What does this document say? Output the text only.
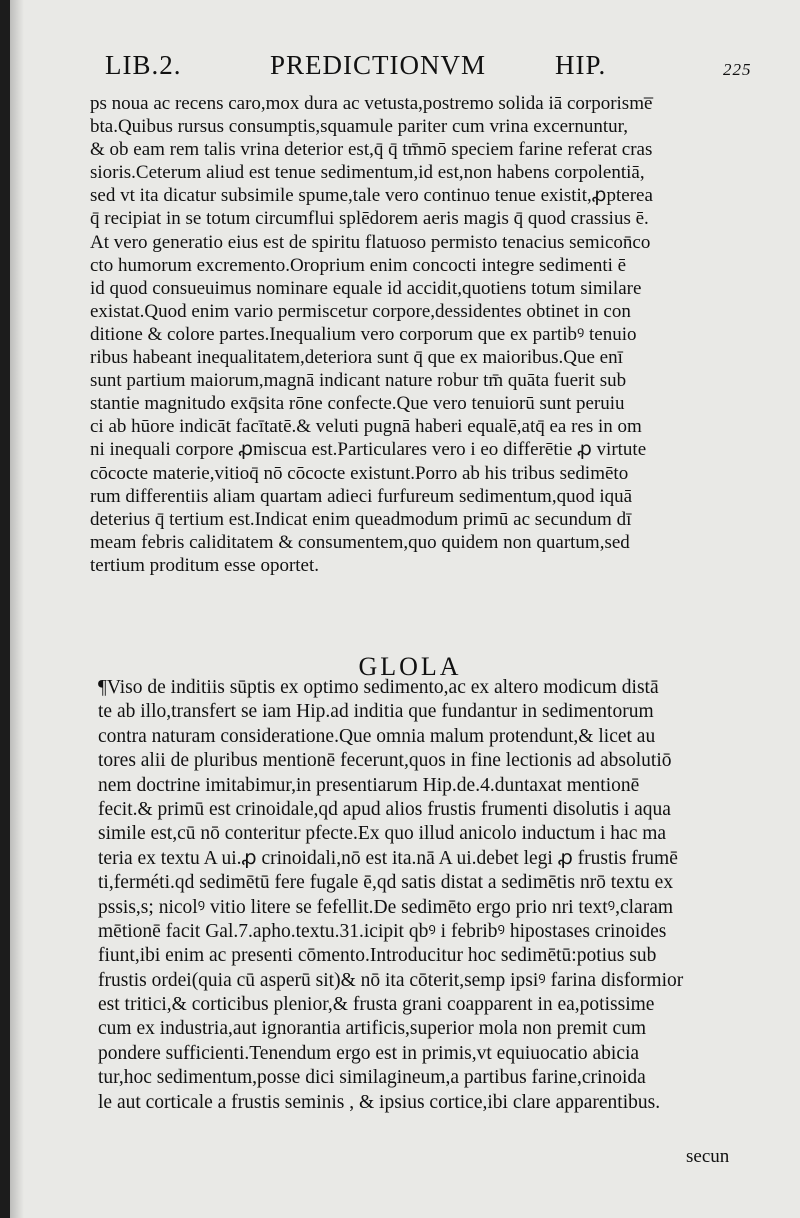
LIB.2.	PREDICTIONVM	HIP.	225
ps noua ac recens caro,mox dura ac vetusta,postremo solida iā corporisme̅
bta.Quibus rursus consumptis,squamule pariter cum vrina excernuntur,
& ob eam rem talis vrina deterior est,q̄ q̄ tm̄mō speciem farine referat cras
sioris.Ceterum aliud est tenue sedimentum,id est,non habens corpolentiā,
sed vt ita dicatur subsimile spume,tale vero continuo tenue existit,ꝓpterea
q̄ recipiat in se totum circumflui splēdorem aeris magis q̄ quod crassius ē.
At vero generatio eius est de spiritu flatuoso permisto tenacius semicon̄co
cto humorum excremento.Oroprium enim concocti integre sedimenti ē
id quod consueuimus nominare equale id accidit,quotiens totum similare
existat.Quod enim vario permiscetur corpore,dessidentes obtinet in con
ditione & colore partes.Inequalium vero corporum que ex partibꝰ tenuio
ribus habeant inequalitatem,deteriora sunt q̄ que ex maioribus.Que enī
sunt partium maiorum,magnā indicant nature robur tm̄ quāta fuerit sub
stantie magnitudo exq̄sita rōne confecte.Que vero tenuiorū sunt peruiu
ci ab hūore indicāt facītatē.& veluti pugnā haberi equalē,atq̄ ea res in om
ni inequali corpore ꝓmiscua est.Particulares vero i eo differētie ꝓ virtute
cōcocte materie,vitioq̄ nō cōcocte existunt.Porro ab his tribus sedimēto
rum differentiis aliam quartam adieci furfureum sedimentum,quod iquā
deterius q̄ tertium est.Indicat enim queadmodum primū ac secundum dī
meam febris caliditatem & consumentem,quo quidem non quartum,sed
tertium proditum esse oportet.
GLOLA
¶Viso de inditiis sūptis ex optimo sedimento,ac ex altero modicum distā
te ab illo,transfert se iam Hip.ad inditia que fundantur in sedimentorum
contra naturam consideratione.Que omnia malum protendunt,& licet au
tores alii de pluribus mentionē fecerunt,quos in fine lectionis ad absolutiō
nem doctrine imitabimur,in presentiarum Hip.de.4.duntaxat mentionē
fecit.& primū est crinoidale,qd apud alios frustis frumenti disolutis i aqua
simile est,cū nō conteritur pfecte.Ex quo illud anicolo inductum i hac ma
teria ex textu A ui.ꝓ crinoidali,nō est ita.nā A ui.debet legi ꝓ frustis frumē
ti,ferméti.qd sedimētū fere fugale ē,qd satis distat a sedimētis nrō textu ex
pssis,s; nicolꝰ vitio litere se fefellit.De sedimēto ergo prio nri textꝰ,claram
mētionē facit Gal.7.apho.textu.31.icipit qbꝰ i febribꝰ hipostases crinoides
fiunt,ibi enim ac presenti cōmento.Introducitur hoc sedimētū:potius sub
frustis ordei(quia cū asperū sit)& nō ita cōterit,semp ipsiꝰ farina disformior
est tritici,& corticibus plenior,& frusta grani coapparent in ea,potissime
cum ex industria,aut ignorantia artificis,superior mola non premit cum
pondere sufficienti.Tenendum ergo est in primis,vt equiuocatio abicia
tur,hoc sedimentum,posse dici similagineum,a partibus farine,crinoida
le aut corticale a frustis seminis , & ipsius cortice,ibi clare apparentibus.
secun
